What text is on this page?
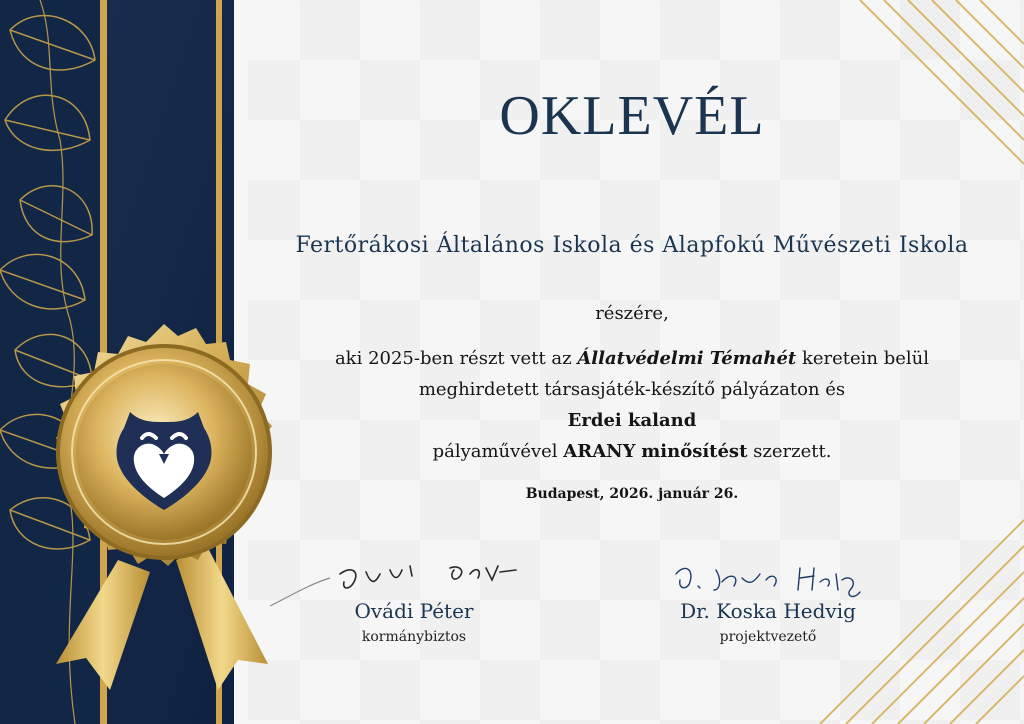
OKLEVÉL
Fertőrákosi Általános Iskola és Alapfokú Művészeti Iskola
részére,
aki 2025-ben részt vett az Állatvédelmi Témahét keretein belül
meghirdetett társasjáték-készítő pályázaton és
Erdei kaland
pályaművével ARANY minősítést szerzett.
Budapest, 2026. január 26.
Ovádi Péter
kormánybiztos
Dr. Koska Hedvig
projektvezető
